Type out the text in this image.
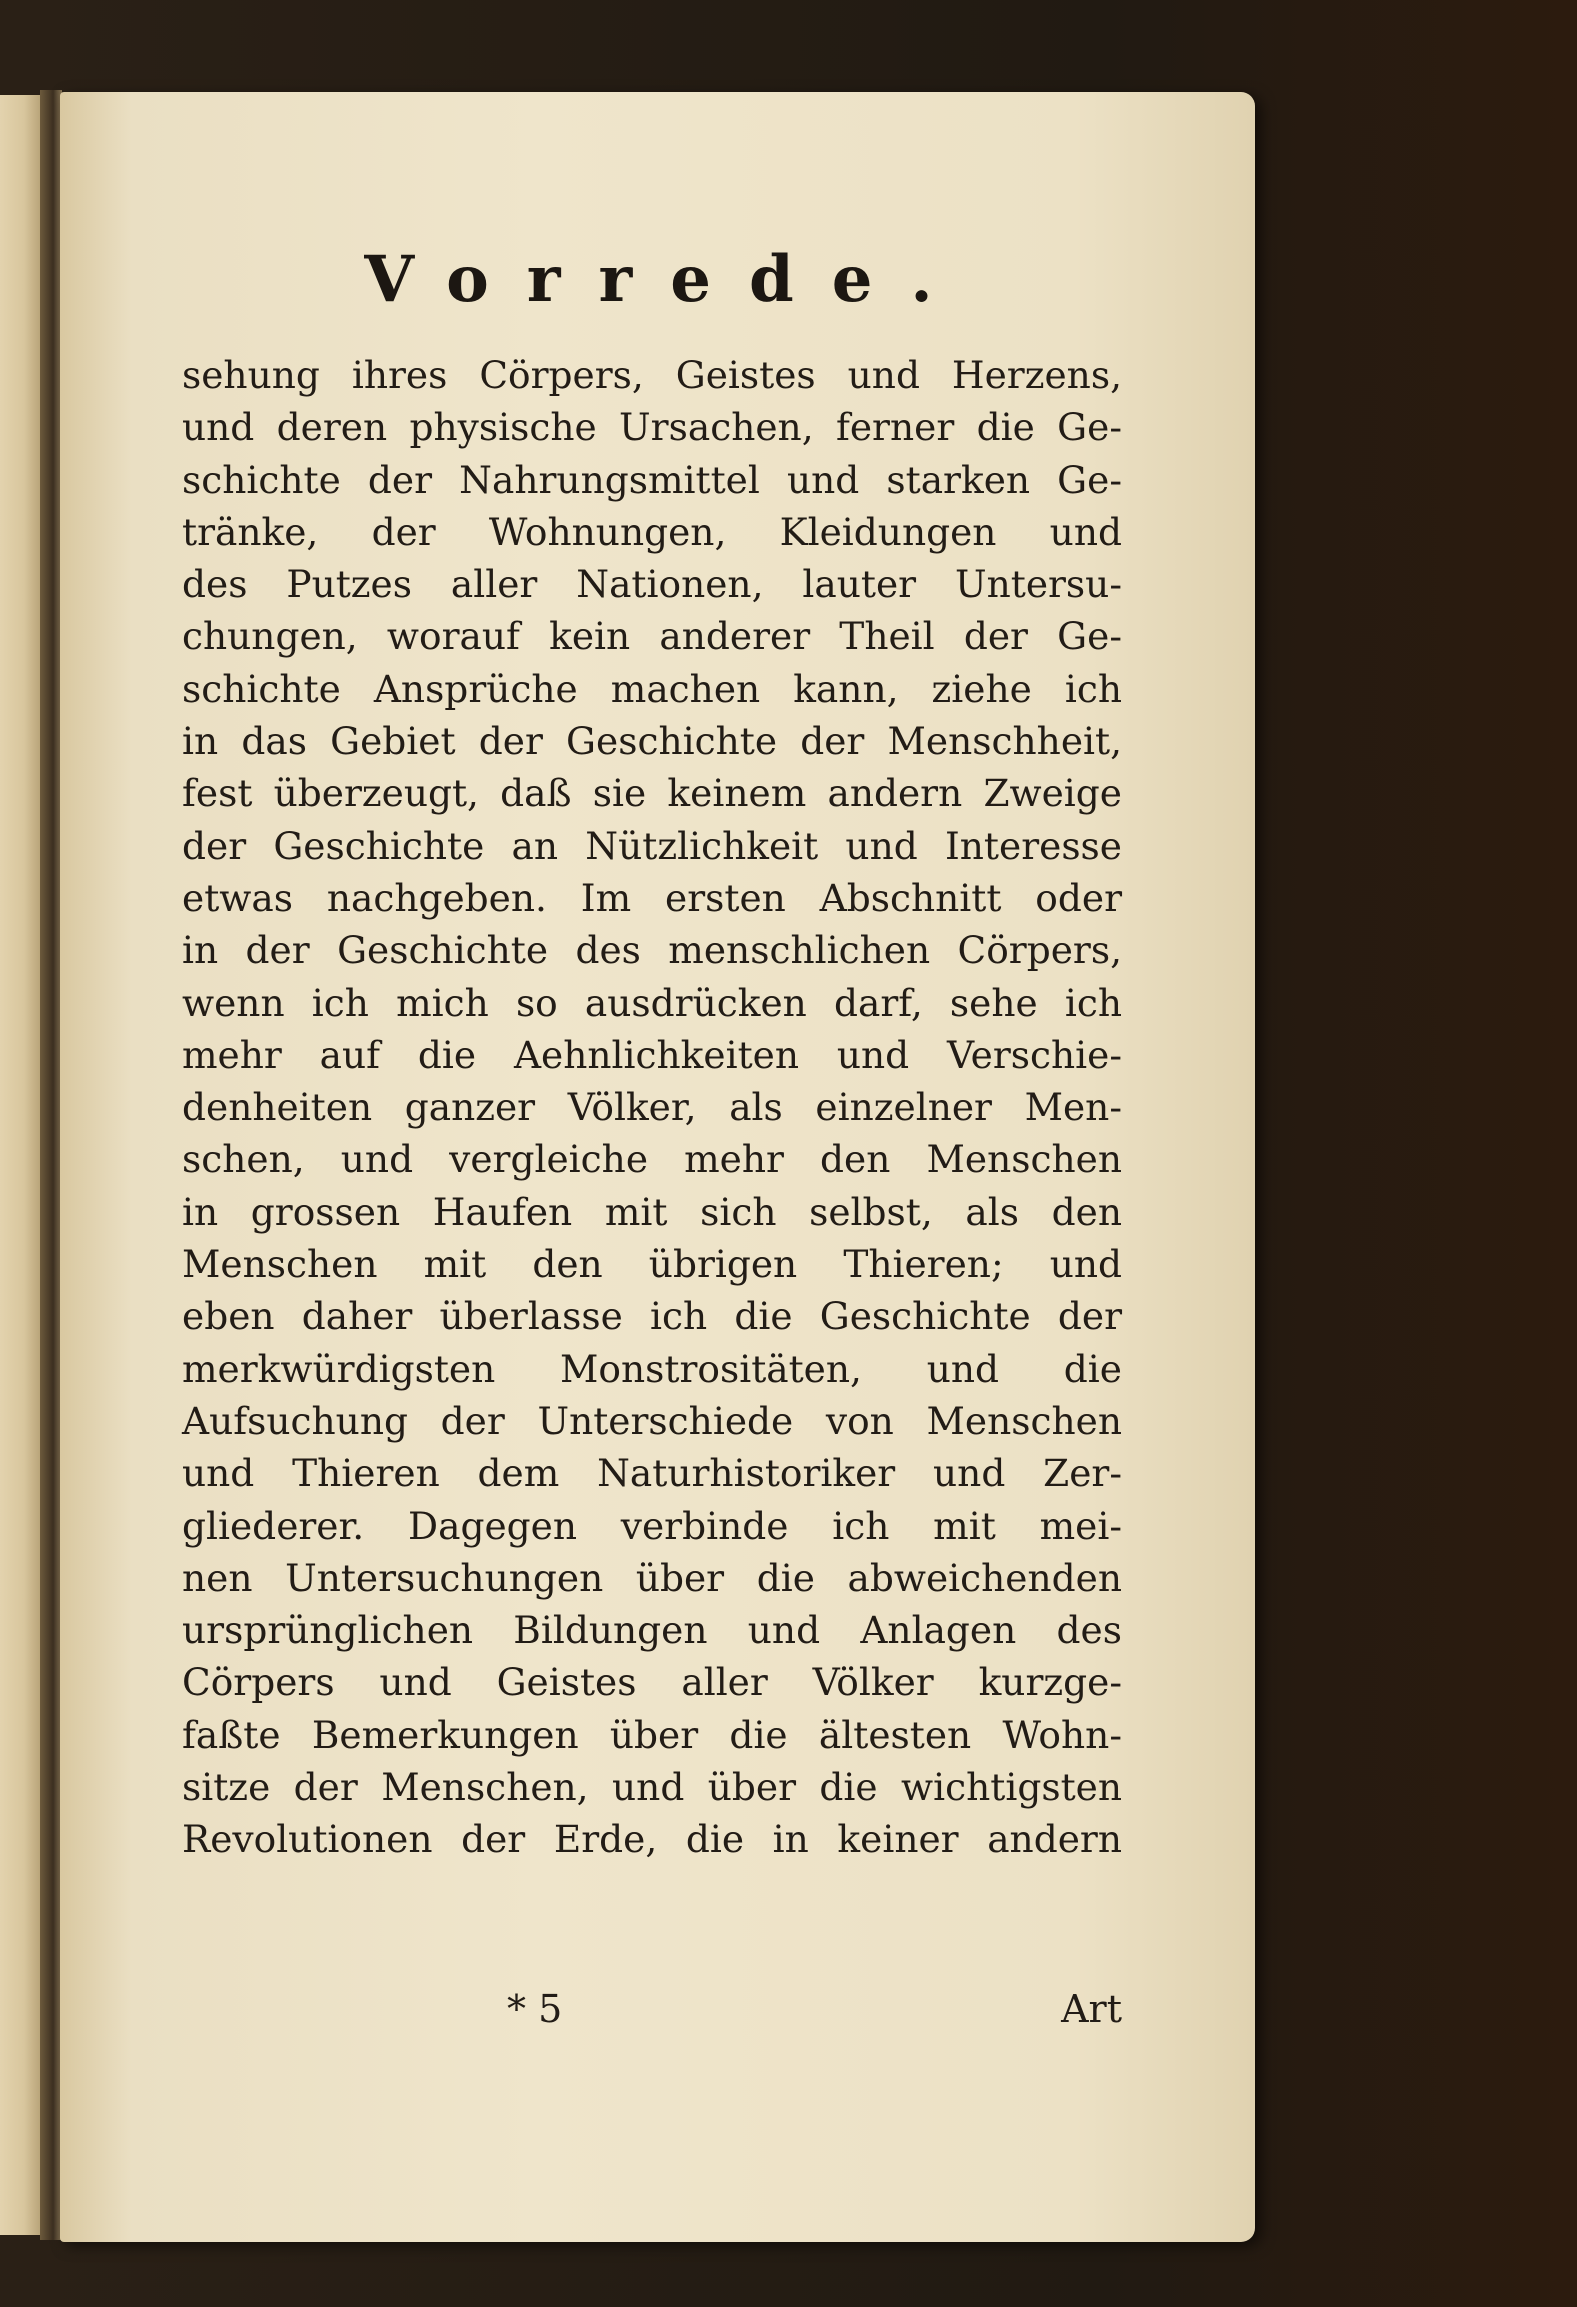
Vorrede.
sehung ihres Cörpers, Geistes und Herzens,
und deren physische Ursachen, ferner die Ge-
schichte der Nahrungsmittel und starken Ge-
tränke, der Wohnungen, Kleidungen und
des Putzes aller Nationen, lauter Untersu-
chungen, worauf kein anderer Theil der Ge-
schichte Ansprüche machen kann, ziehe ich
in das Gebiet der Geschichte der Menschheit,
fest überzeugt, daß sie keinem andern Zweige
der Geschichte an Nützlichkeit und Interesse
etwas nachgeben. Im ersten Abschnitt oder
in der Geschichte des menschlichen Cörpers,
wenn ich mich so ausdrücken darf, sehe ich
mehr auf die Aehnlichkeiten und Verschie-
denheiten ganzer Völker, als einzelner Men-
schen, und vergleiche mehr den Menschen
in grossen Haufen mit sich selbst, als den
Menschen mit den übrigen Thieren; und
eben daher überlasse ich die Geschichte der
merkwürdigsten Monstrositäten, und die
Aufsuchung der Unterschiede von Menschen
und Thieren dem Naturhistoriker und Zer-
gliederer. Dagegen verbinde ich mit mei-
nen Untersuchungen über die abweichenden
ursprünglichen Bildungen und Anlagen des
Cörpers und Geistes aller Völker kurzge-
faßte Bemerkungen über die ältesten Wohn-
sitze der Menschen, und über die wichtigsten
Revolutionen der Erde, die in keiner andern
* 5	Art
